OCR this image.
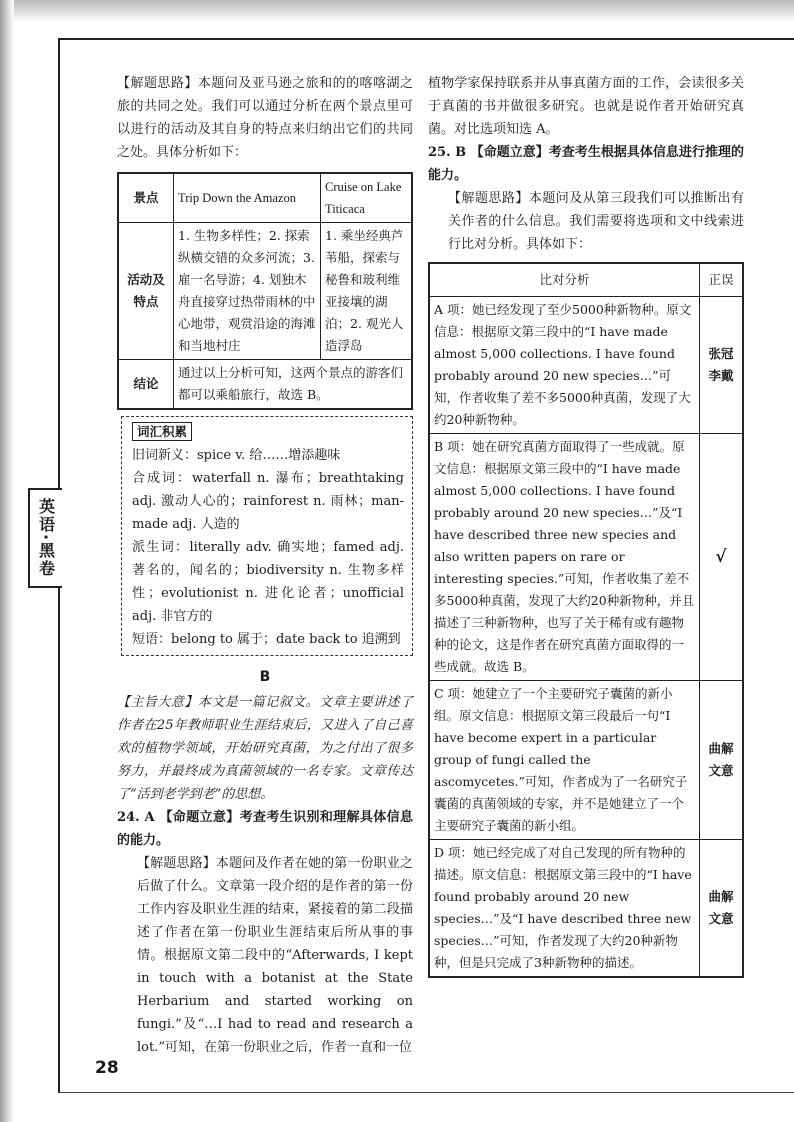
英语·黑卷

【解题思路】本题问及亚马逊之旅和的的喀喀湖之旅的共同之处。我们可以通过分析在两个景点里可以进行的活动及其自身的特点来归纳出它们的共同之处。具体分析如下：

景点	Trip Down the Amazon	Cruise on Lake Titicaca
活动及特点	1. 生物多样性；2. 探索纵横交错的众多河流；3. 雇一名导游；4. 划独木舟直接穿过热带雨林的中心地带，观赏沿途的海滩和当地村庄	1. 乘坐经典芦苇船，探索与秘鲁和玻利维亚接壤的湖泊；2. 观光人造浮岛
结论	通过以上分析可知，这两个景点的游客们都可以乘船旅行，故选 B。	
词汇积累

旧词新义：spice v. 给……增添趣味

合成词：waterfall n. 瀑布；breathtaking adj. 激动人心的；rainforest n. 雨林；man-made adj. 人造的

派生词：literally adv. 确实地；famed adj. 著名的，闻名的；biodiversity n. 生物多样性；evolutionist n. 进化论者；unofficial adj. 非官方的

短语：belong to 属于；date back to 追溯到

B

【主旨大意】本文是一篇记叙文。文章主要讲述了作者在25年教师职业生涯结束后，又进入了自己喜欢的植物学领域，开始研究真菌，为之付出了很多努力，并最终成为真菌领域的一名专家。文章传达了“活到老学到老”的思想。

24. A 【命题立意】考查考生识别和理解具体信息的能力。

【解题思路】本题问及作者在她的第一份职业之后做了什么。文章第一段介绍的是作者的第一份工作内容及职业生涯的结束，紧接着的第二段描述了作者在第一份职业生涯结束后所从事的事情。根据原文第二段中的“Afterwards, I kept in touch with a botanist at the State Herbarium and started working on fungi.”及“…I had to read and research a lot.”可知，在第一份职业之后，作者一直和一位

植物学家保持联系并从事真菌方面的工作，会读很多关于真菌的书并做很多研究。也就是说作者开始研究真菌。对比选项知选 A。

25. B 【命题立意】考查考生根据具体信息进行推理的能力。

【解题思路】本题问及从第三段我们可以推断出有关作者的什么信息。我们需要将选项和文中线索进行比对分析。具体如下：

比对分析	正误
A 项：她已经发现了至少5000种新物种。原文信息：根据原文第三段中的“I have made almost 5,000 collections. I have found probably around 20 new species…”可知，作者收集了差不多5000种真菌，发现了大约20种新物种。	张冠李戴
B 项：她在研究真菌方面取得了一些成就。原文信息：根据原文第三段中的“I have made almost 5,000 collections. I have found probably around 20 new species…”及“I have described three new species and also written papers on rare or interesting species.”可知，作者收集了差不多5000种真菌，发现了大约20种新物种，并且描述了三种新物种，也写了关于稀有或有趣物种的论文，这是作者在研究真菌方面取得的一些成就。故选 B。	√
C 项：她建立了一个主要研究子囊菌的新小组。原文信息：根据原文第三段最后一句“I have become expert in a particular group of fungi called the ascomycetes.”可知，作者成为了一名研究子囊菌的真菌领域的专家，并不是她建立了一个主要研究子囊菌的新小组。	曲解文意
D 项：她已经完成了对自己发现的所有物种的描述。原文信息：根据原文第三段中的“I have found probably around 20 new species…”及“I have described three new species…”可知，作者发现了大约20种新物种，但是只完成了3种新物种的描述。	曲解文意
28
